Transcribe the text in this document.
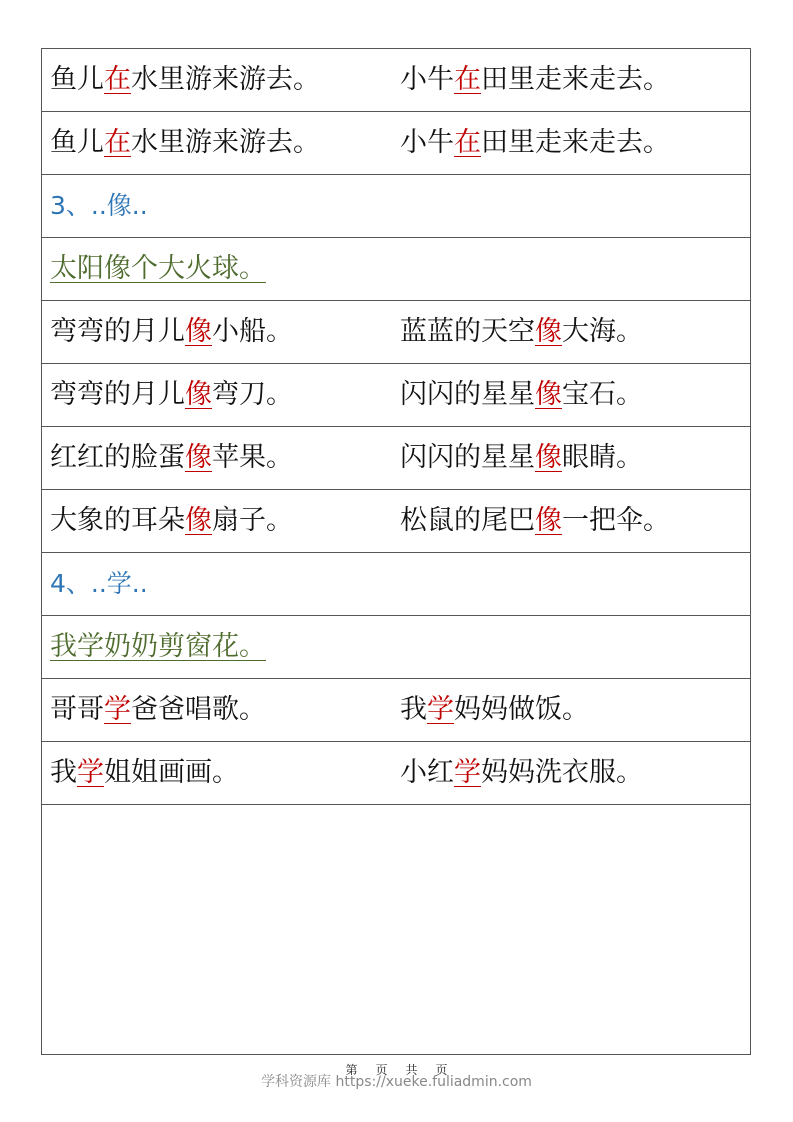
鱼儿在水里游来游去。	小牛在田里走来走去。
鱼儿在水里游来游去。	小牛在田里走来走去。
3、..像..
太阳像个大火球。
弯弯的月儿像小船。	蓝蓝的天空像大海。
弯弯的月儿像弯刀。	闪闪的星星像宝石。
红红的脸蛋像苹果。	闪闪的星星像眼睛。
大象的耳朵像扇子。	松鼠的尾巴像一把伞。
4、..学..
我学奶奶剪窗花。
哥哥学爸爸唱歌。	我学妈妈做饭。
我学姐姐画画。	小红学妈妈洗衣服。
第 页 共 页
学科资源库 https://xueke.fuliadmin.com
